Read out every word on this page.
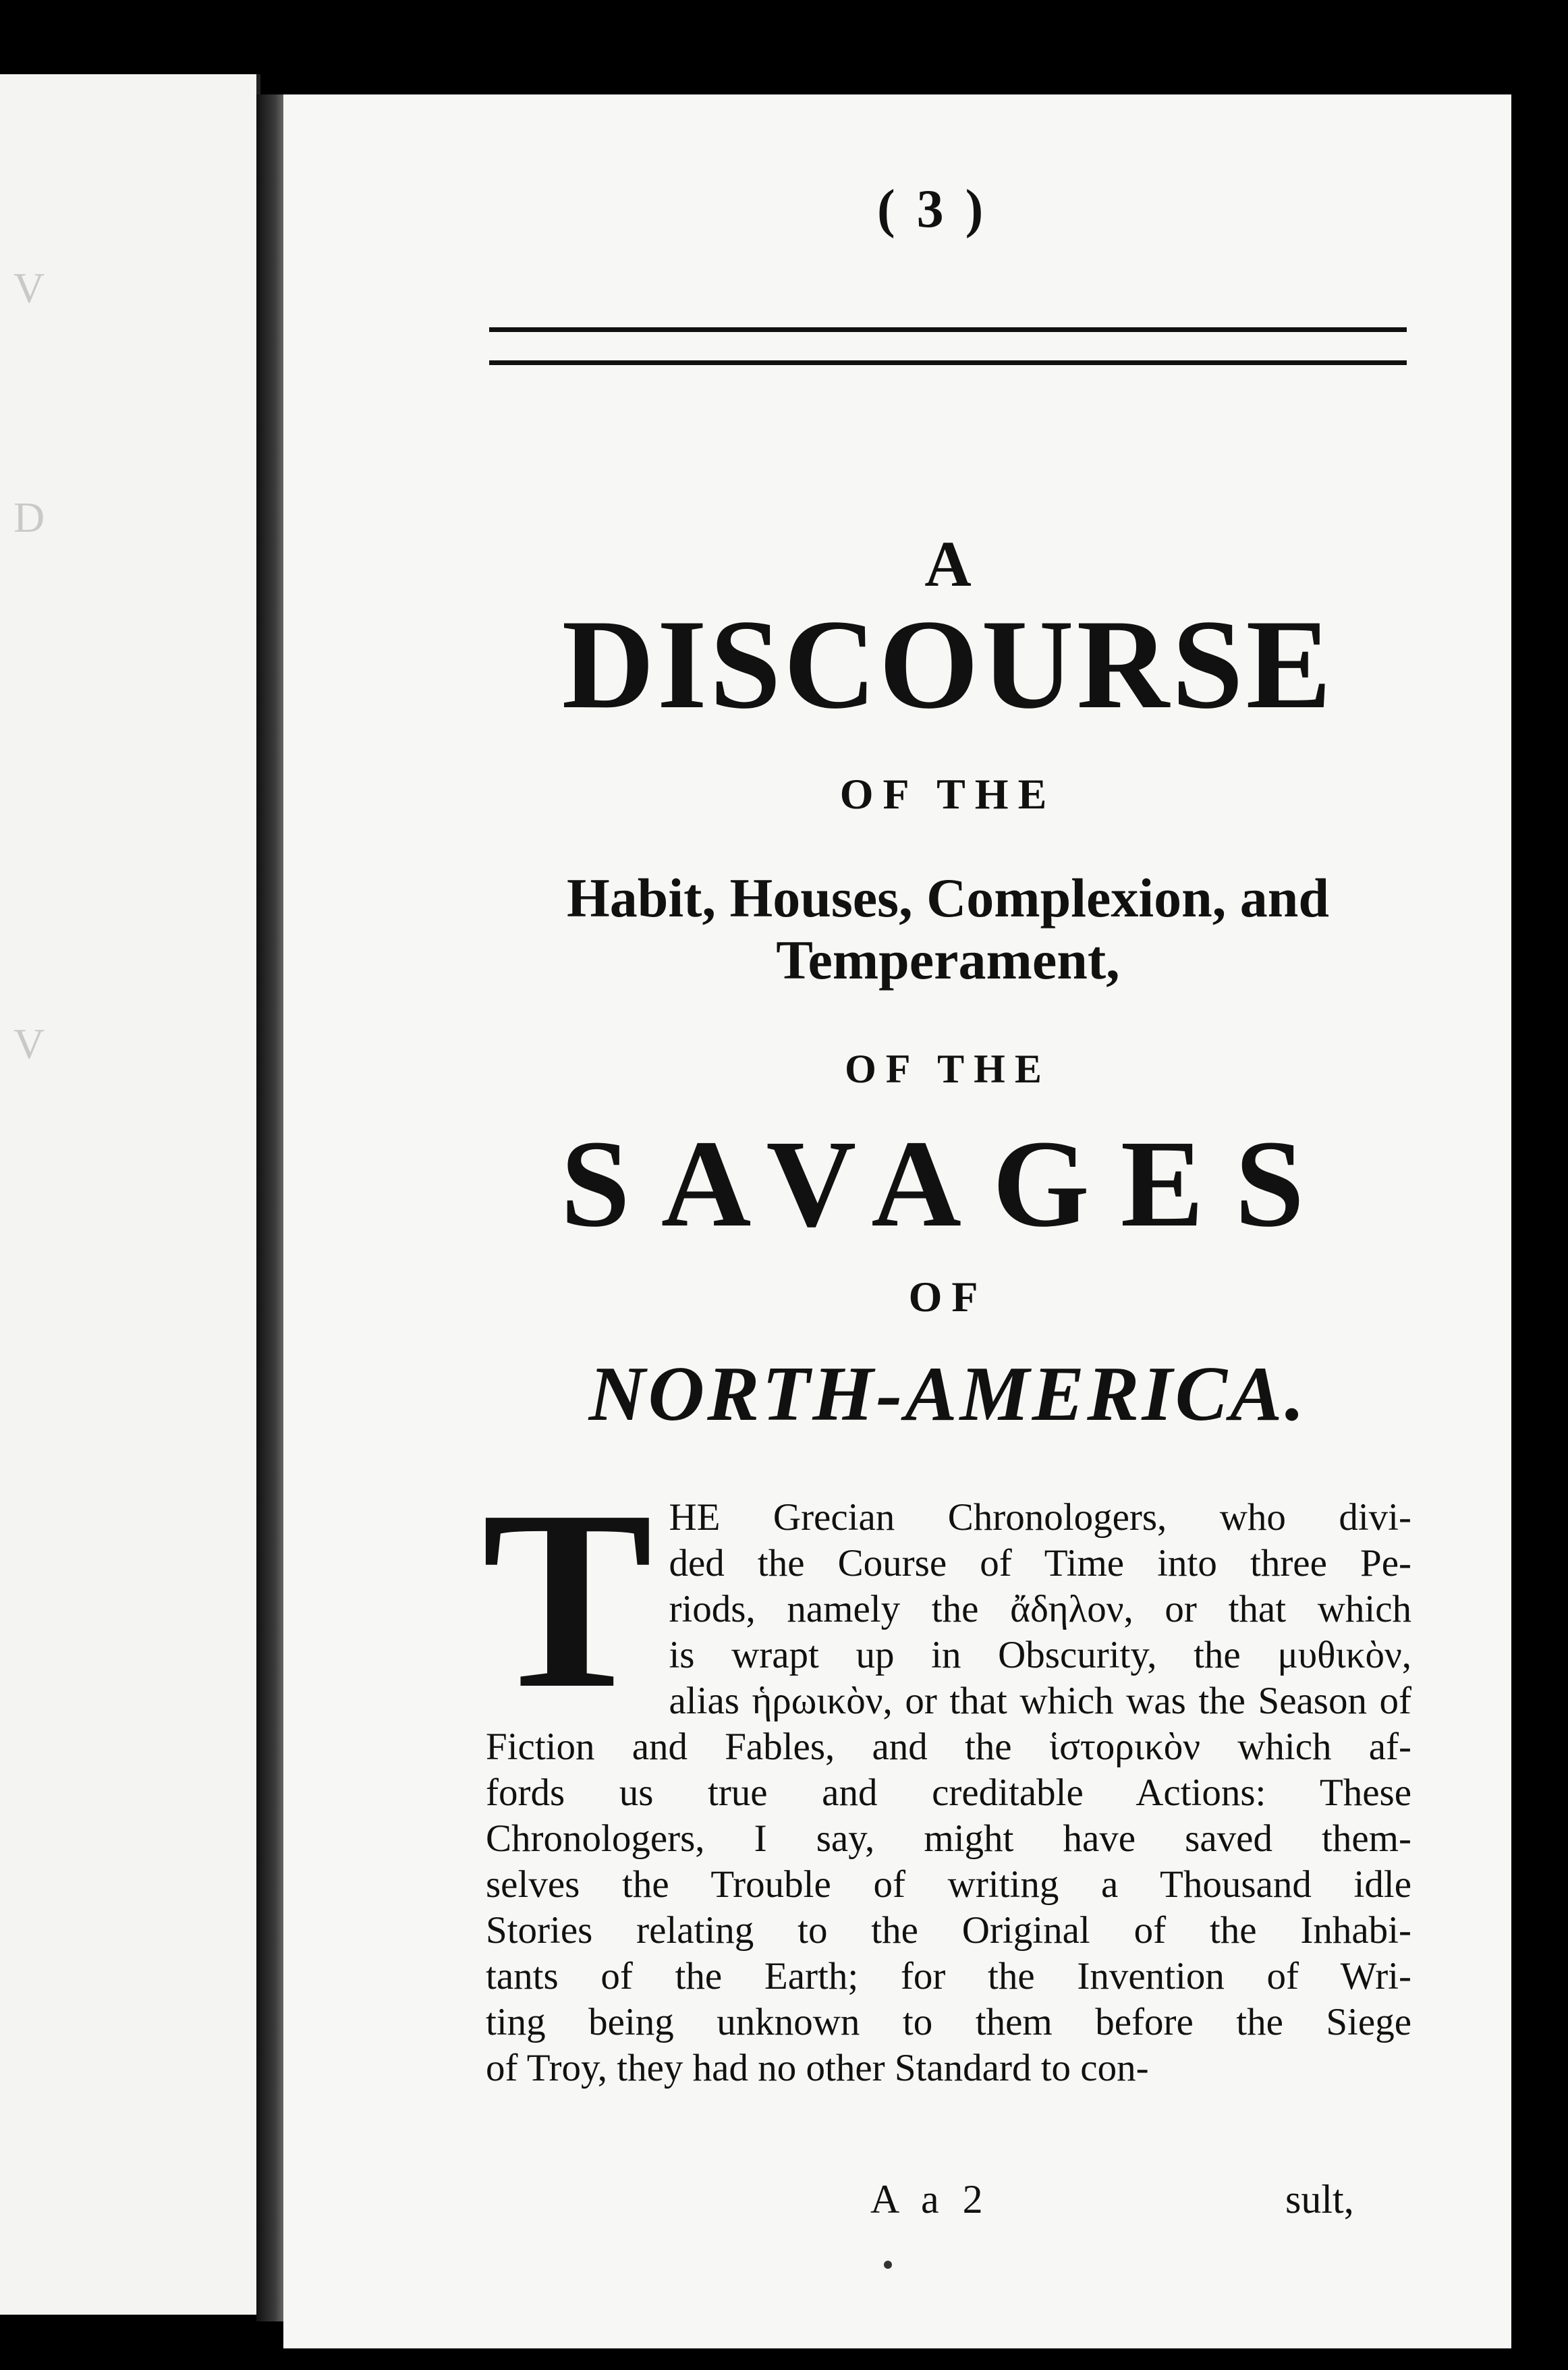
V
D
V
( 3 )
A
DISCOURSE
OF THE
Habit, Houses, Complexion, and
Temperament,
OF THE
SAVAGES
OF
NORTH-AMERICA.
T HE Grecian Chronologers, who divi-
ded the Course of Time into three Pe-
riods, namely the ἄδηλον, or that which
is wrapt up in Obscurity, the μυθικὸν,
alias ἡρωικὸν, or that which was the Season of
Fiction and Fables, and the ἱστορικὸν which af-
fords us true and creditable Actions: These
Chronologers, I say, might have saved them-
selves the Trouble of writing a Thousand idle
Stories relating to the Original of the Inhabi-
tants of the Earth; for the Invention of Wri-
ting being unknown to them before the Siege
of Troy, they had no other Standard to con-
A a 2	sult,
